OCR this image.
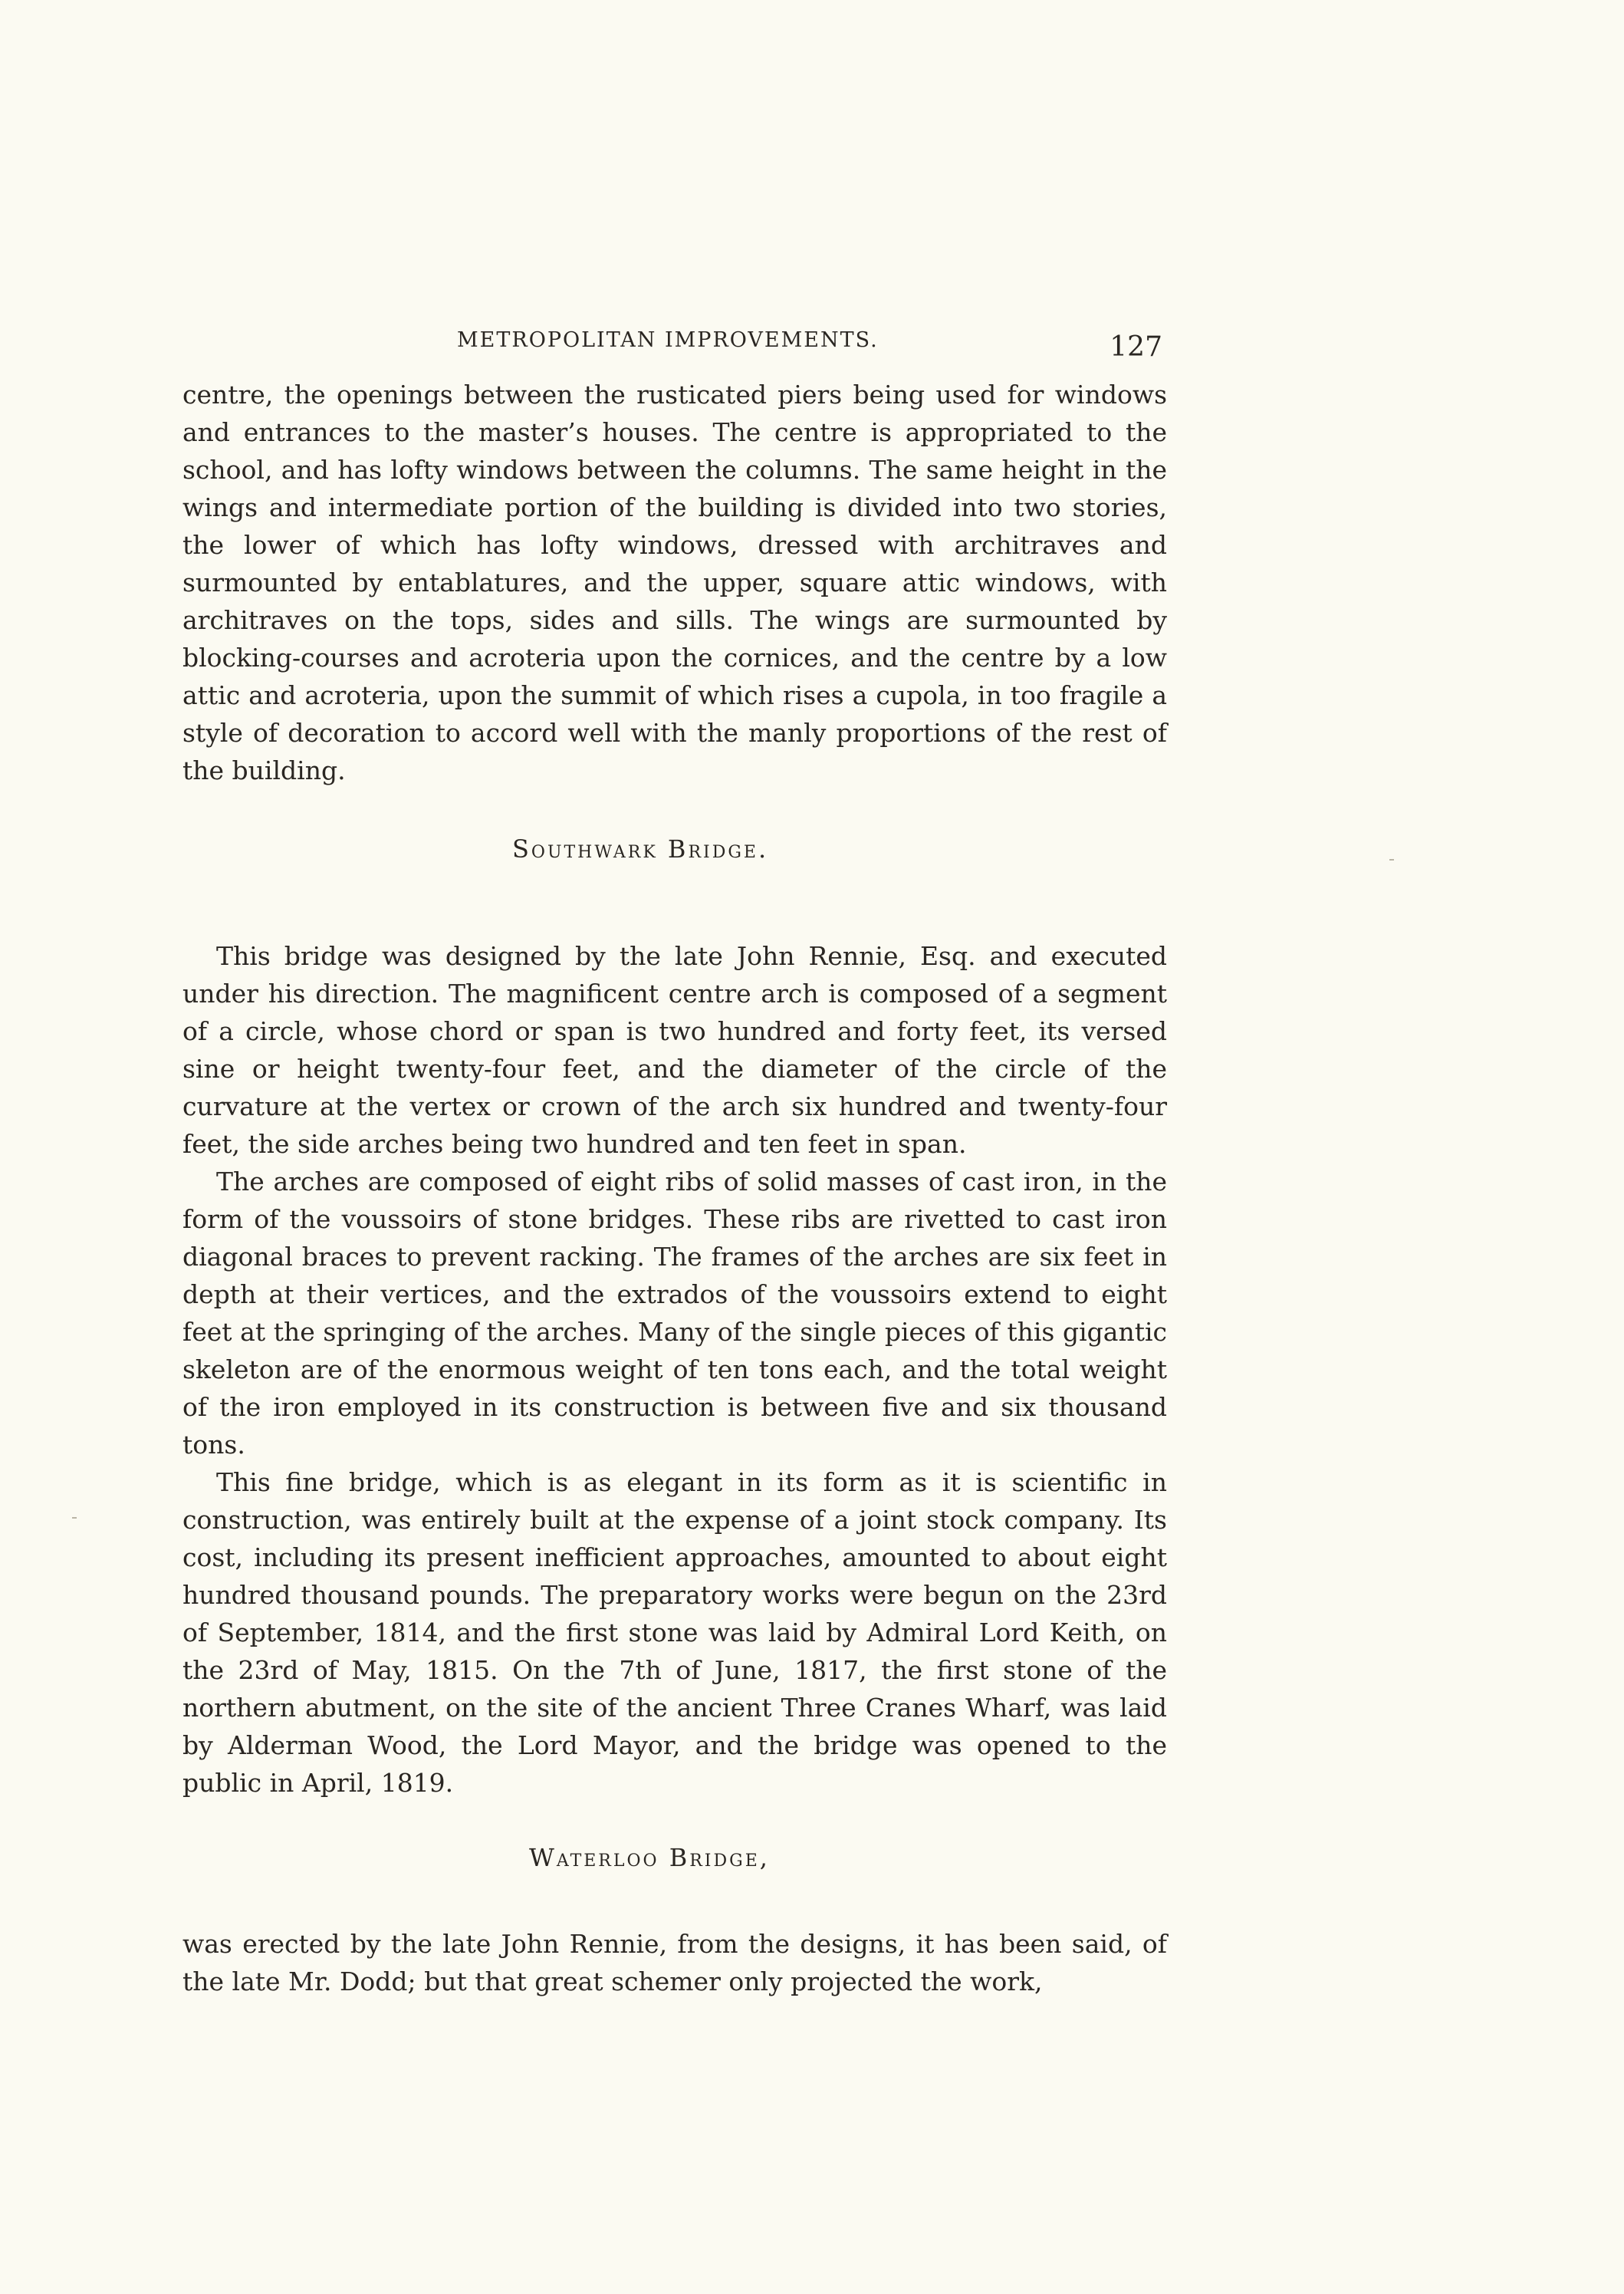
METROPOLITAN IMPROVEMENTS.	127

centre, the openings between the rusticated piers being used for windows and entrances to the master’s houses. The centre is appropriated to the school, and has lofty windows between the columns. The same height in the wings and intermediate portion of the building is divided into two stories, the lower of which has lofty windows, dressed with architraves and surmounted by entablatures, and the upper, square attic windows, with architraves on the tops, sides and sills. The wings are surmounted by blocking-courses and acroteria upon the cornices, and the centre by a low attic and acroteria, upon the summit of which rises a cupola, in too fragile a style of decoration to accord well with the manly proportions of the rest of the building.

Southwark Bridge.

This bridge was designed by the late John Rennie, Esq. and executed under his direction. The magnificent centre arch is composed of a segment of a circle, whose chord or span is two hundred and forty feet, its versed sine or height twenty-four feet, and the diameter of the circle of the curvature at the vertex or crown of the arch six hundred and twenty-four feet, the side arches being two hundred and ten feet in span.

The arches are composed of eight ribs of solid masses of cast iron, in the form of the voussoirs of stone bridges. These ribs are rivetted to cast iron diagonal braces to prevent racking. The frames of the arches are six feet in depth at their vertices, and the extrados of the voussoirs extend to eight feet at the springing of the arches. Many of the single pieces of this gigantic skeleton are of the enormous weight of ten tons each, and the total weight of the iron employed in its construction is between five and six thousand tons.

This fine bridge, which is as elegant in its form as it is scientific in construction, was entirely built at the expense of a joint stock company. Its cost, including its present inefficient approaches, amounted to about eight hundred thousand pounds. The preparatory works were begun on the 23rd of September, 1814, and the first stone was laid by Admiral Lord Keith, on the 23rd of May, 1815. On the 7th of June, 1817, the first stone of the northern abutment, on the site of the ancient Three Cranes Wharf, was laid by Alderman Wood, the Lord Mayor, and the bridge was opened to the public in April, 1819.

Waterloo Bridge,

was erected by the late John Rennie, from the designs, it has been said, of the late Mr. Dodd; but that great schemer only projected the work,
